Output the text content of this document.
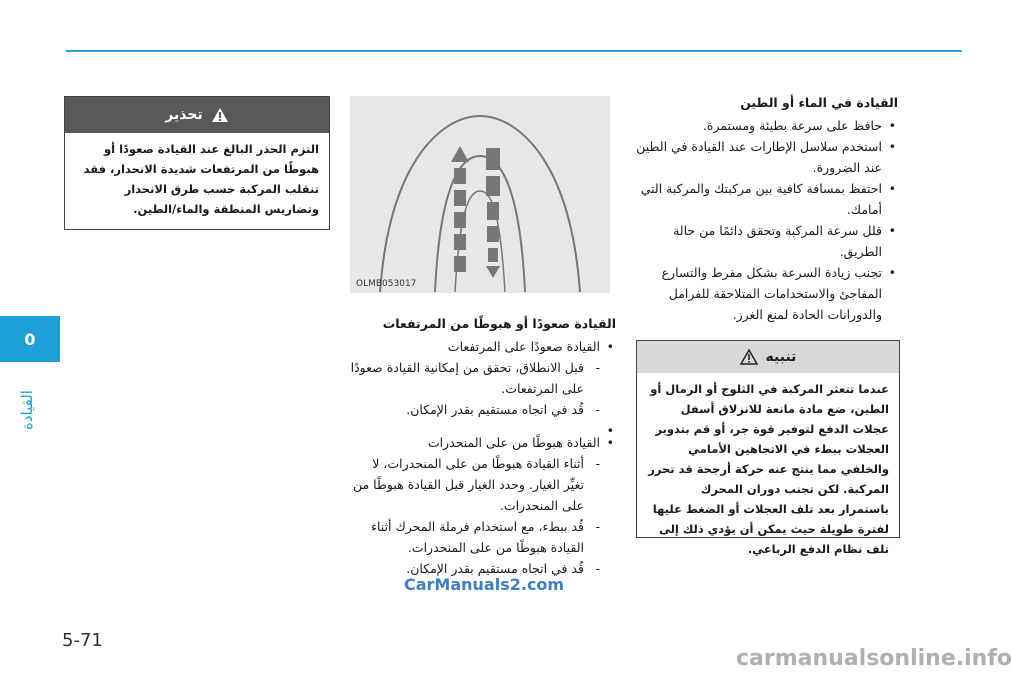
0
القيادة
تحذير
التزم الحذر البالغ عند القيادة صعودًا أو هبوطًا من المرتفعات شديدة الانحدار، فقد تنقلب المركبة حسب طرق الانحدار وتضاريس المنطقة والماء/الطين.
OLMB053017
القيادة صعودًا أو هبوطًا من المرتفعات
• القيادة صعودًا على المرتفعات
- قبل الانطلاق، تحقق من إمكانية القيادة صعودًا على المرتفعات.
- قُد في اتجاه مستقيم بقدر الإمكان.
•
• القيادة هبوطًا من على المنحدرات
- أثناء القيادة هبوطًا من على المنحدرات، لا تغيِّر الغيار. وحدد الغيار قبل القيادة هبوطًا من على المنحدرات.
- قُد ببطء، مع استخدام فرملة المحرك أثناء القيادة هبوطًا من على المنحدرات.
- قُد في اتجاه مستقيم بقدر الإمكان.
القيادة في الماء أو الطين
• حافظ على سرعة بطيئة ومستمرة.
• استخدم سلاسل الإطارات عند القيادة في الطين عند الضرورة.
• احتفظ بمسافة كافية بين مركبتك والمركبة التي أمامك.
• قلل سرعة المركبة وتحقق دائمًا من حالة الطريق.
• تجنب زيادة السرعة بشكل مفرط والتسارع المفاجئ والاستخدامات المتلاحقة للفرامل والدورانات الحادة لمنع الغرز.
تنبيه
عندما تتعثر المركبة في الثلوج أو الرمال أو الطين، ضع مادة مانعة للانزلاق أسفل عجلات الدفع لتوفير قوة جر، أو قم بتدوير العجلات ببطء في الاتجاهين الأمامي والخلفي مما ينتج عنه حركة أرجحة قد تحرر المركبة. لكن تجنب دوران المحرك باستمرار بعد تلف العجلات أو الضغط عليها لفترة طويلة حيث يمكن أن يؤدي ذلك إلى تلف نظام الدفع الرباعي.
CarManuals2.com
carmanualsonline.info
5-71
